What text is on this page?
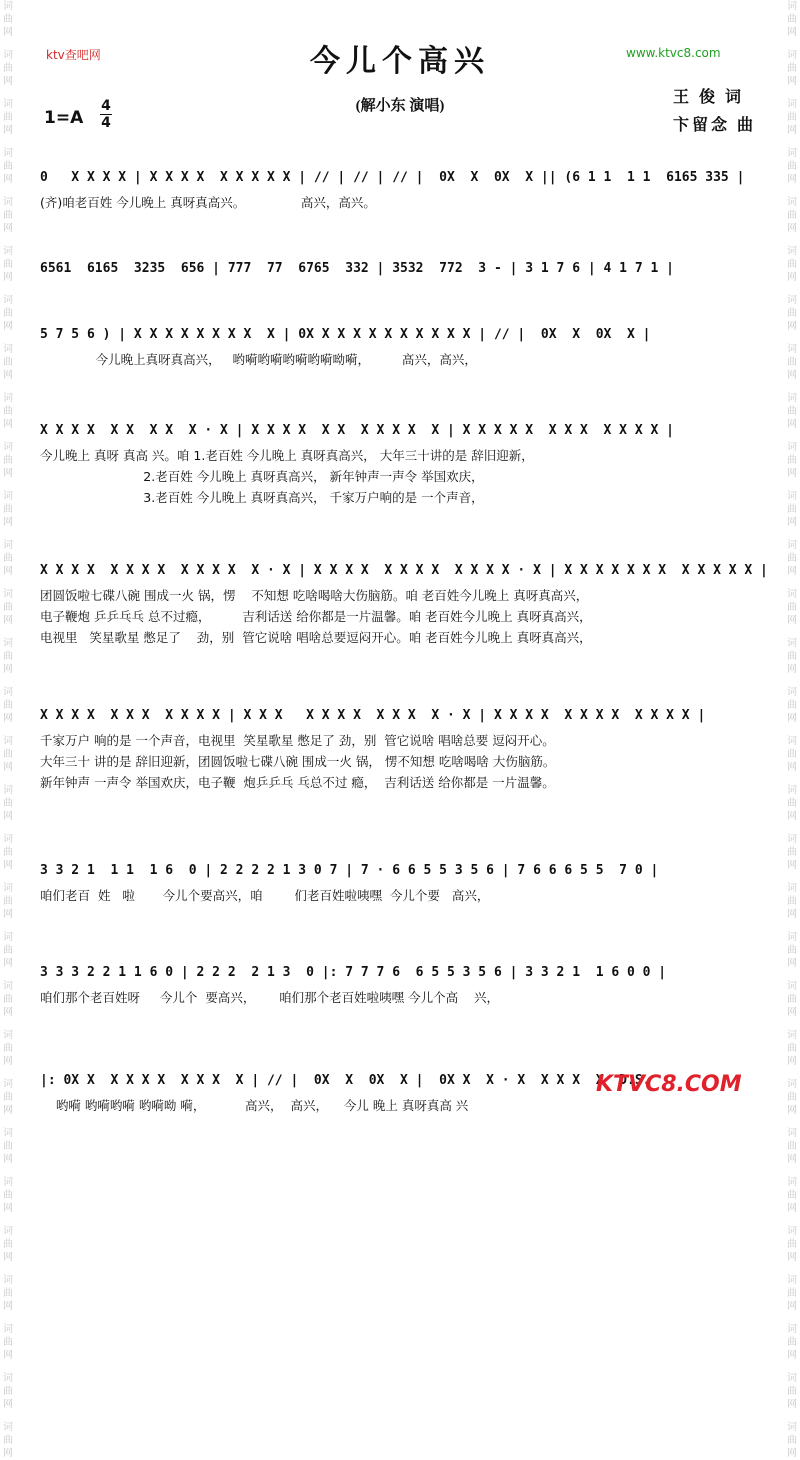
词
曲
网
词
曲
网
词
曲
网
词
曲
网
词
曲
网
词
曲
网
词
曲
网
词
曲
网
词
曲
网
词
曲
网
词
曲
网
词
曲
网
词
曲
网
词
曲
网
词
曲
网
词
曲
网
词
曲
网
词
曲
网
词
曲
网
词
曲
网
词
曲
网
词
曲
网
词
曲
网
词
曲
网
词
曲
网
词
曲
网
词
曲
网
词
曲
网
词
曲
网
词
曲
网
词
曲
网
词
曲
网
词
曲
网
词
曲
网
词
曲
网
词
曲
网
词
曲
网
词
曲
网
词
曲
网
词
曲
网
词
曲
网
词
曲
网
词
曲
网
词
曲
网
词
曲
网
词
曲
网
词
曲
网
词
曲
网
词
曲
网
词
曲
网
词
曲
网
词
曲
网
词
曲
网
词
曲
网
词
曲
网
词
曲
网
词
曲
网
词
曲
网
词
曲
网
词
曲
网
ktv查吧网	www.ktvc8.com
今儿个高兴
(解小东 演唱)	王 俊 词
卞留念 曲
1=A
4
4
0   X X X X | X X X X  X X X X X | ∕∕ | ∕∕ | ∕∕ |  0X  X  0X  X || (6 1 1  1 1  6165 335 |
(齐)咱老百姓 今儿晚上 真呀真高兴。              高兴，高兴。
6561  6165  3235  656 | 777  77  6765  332 | 3532  772  3 - | 3 1 7 6 | 4 1 7 1 |
5 7 5 6 ) | X X X X X X X X  X | 0X X X X X X X X X X X | ∕∕ |  0X  X  0X  X |
今儿晚上真呀真高兴，   哟嗬哟嗬哟嗬哟嗬呦嗬，        高兴，高兴，
X X X X  X X  X X  X · X | X X X X  X X  X X X X  X | X X X X X  X X X  X X X X |
今儿晚上 真呀 真高 兴。咱 1.老百姓 今儿晚上 真呀真高兴， 大年三十讲的是 辞旧迎新，
2.老百姓 今儿晚上 真呀真高兴， 新年钟声一声令 举国欢庆，
3.老百姓 今儿晚上 真呀真高兴， 千家万户响的是 一个声音，
X X X X  X X X X  X X X X  X · X | X X X X  X X X X  X X X X · X | X X X X X X X  X X X X X |
团圆饭啦七碟八碗 围成一火 锅，愣    不知想 吃啥喝啥大伤脑筋。咱 老百姓今儿晚上 真呀真高兴，
电子鞭炮 乒乒乓乓 总不过瘾，        吉利话送 给你都是一片温馨。咱 老百姓今儿晚上 真呀真高兴，
电视里   笑星歌星 憋足了    劲，别  管它说啥 唱啥总要逗闷开心。咱 老百姓今儿晚上 真呀真高兴，
X X X X  X X X  X X X X | X X X   X X X X  X X X  X · X | X X X X  X X X X  X X X X |
千家万户 响的是 一个声音，电视里  笑星歌星 憋足了 劲，别  管它说啥 唱啥总要 逗闷开心。
大年三十 讲的是 辞旧迎新，团圆饭啦七碟八碗 围成一火 锅， 愣不知想 吃啥喝啥 大伤脑筋。
新年钟声 一声令 举国欢庆，电子鞭  炮乒乒乓 乓总不过 瘾，  吉利话送 给你都是 一片温馨。
3 3 2 1  1 1  1 6  0 | 2 2 2 2 1 3 0 7 | 7 · 6 6 5 5 3 5 6 | 7 6 6 6 5 5  7 0 |
咱们老百  姓   啦       今儿个要高兴，咱        们老百姓啦咦嘿  今儿个要   高兴，
3 3 3 2 2 1 1 6 0 | 2 2 2  2 1 3  0 |: 7 7 7 6  6 5 5 3 5 6 | 3 3 2 1  1 6 0 0 |
咱们那个老百姓呀     今儿个  要高兴，      咱们那个老百姓啦咦嘿 今儿个高    兴，
|: 0X X  X X X X  X X X  X | ∕∕ |  0X  X  0X  X |  0X X  X · X  X X X  X  D.S.
哟嗬 哟嗬哟嗬 哟嗬呦 嗬，          高兴，  高兴，    今儿 晚上 真呀真高 兴
KTVC8.COM
